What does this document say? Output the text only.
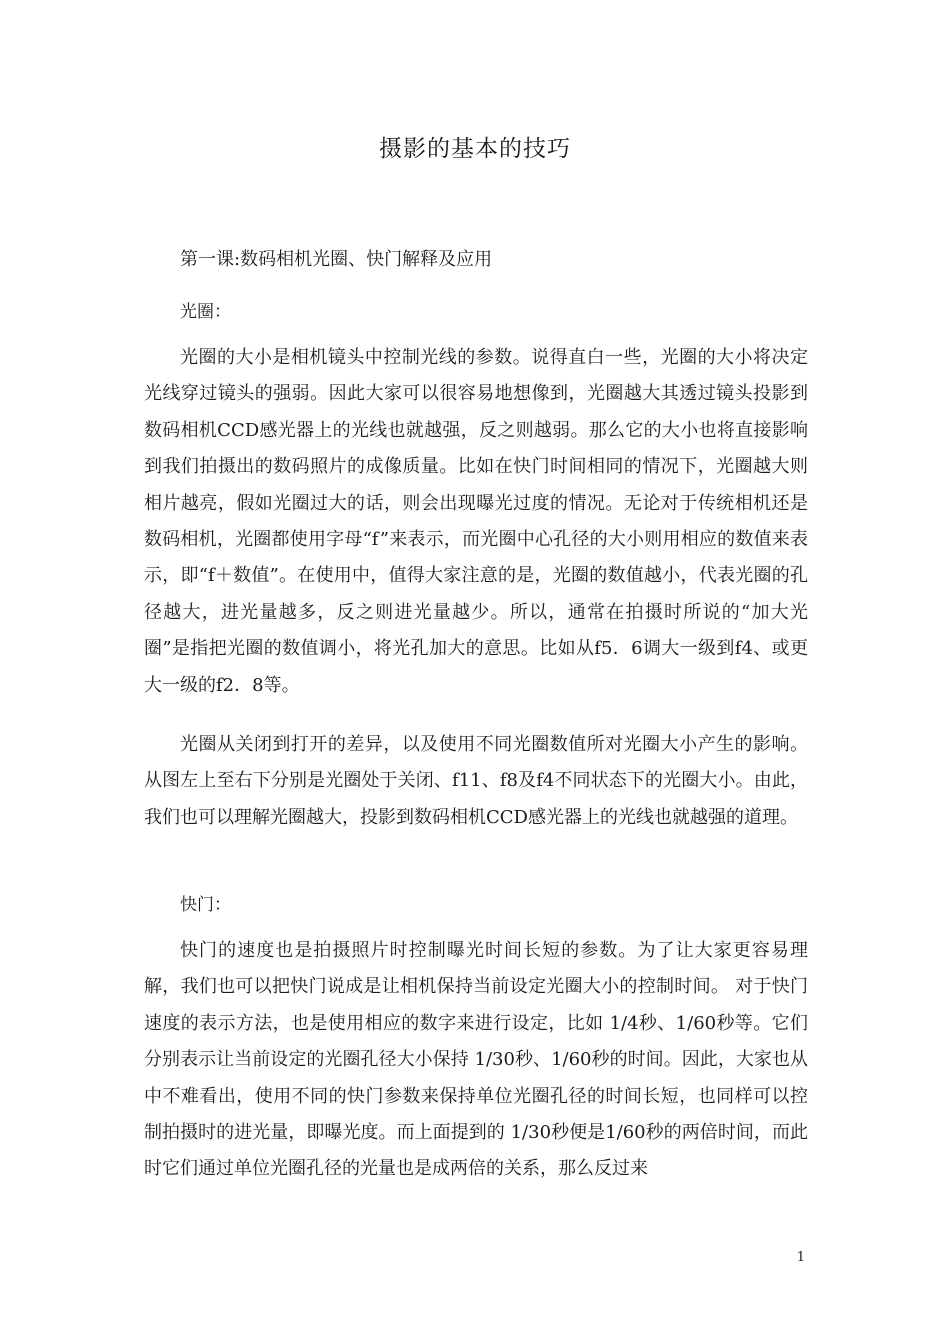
摄影的基本的技巧
第一课:数码相机光圈、快门解释及应用
光圈：

光圈的大小是相机镜头中控制光线的参数。说得直白一些，光圈的大小将决定光线穿过镜头的强弱。因此大家可以很容易地想像到，光圈越大其透过镜头投影到数码相机CCD感光器上的光线也就越强，反之则越弱。那么它的大小也将直接影响到我们拍摄出的数码照片的成像质量。比如在快门时间相同的情况下，光圈越大则相片越亮，假如光圈过大的话，则会出现曝光过度的情况。无论对于传统相机还是数码相机，光圈都使用字母“f”来表示，而光圈中心孔径的大小则用相应的数值来表示，即“f＋数值”。在使用中，值得大家注意的是，光圈的数值越小，代表光圈的孔径越大，进光量越多，反之则进光量越少。所以，通常在拍摄时所说的“加大光圈”是指把光圈的数值调小，将光孔加大的意思。比如从f5．6调大一级到f4、或更大一级的f2．8等。

光圈从关闭到打开的差异，以及使用不同光圈数值所对光圈大小产生的影响。从图左上至右下分别是光圈处于关闭、f11、f8及f4不同状态下的光圈大小。由此，我们也可以理解光圈越大，投影到数码相机CCD感光器上的光线也就越强的道理。

快门：

快门的速度也是拍摄照片时控制曝光时间长短的参数。为了让大家更容易理解，我们也可以把快门说成是让相机保持当前设定光圈大小的控制时间。 对于快门速度的表示方法，也是使用相应的数字来进行设定，比如 1/4秒、1/60秒等。它们分别表示让当前设定的光圈孔径大小保持 1/30秒、1/60秒的时间。因此，大家也从中不难看出，使用不同的快门参数来保持单位光圈孔径的时间长短，也同样可以控制拍摄时的进光量，即曝光度。而上面提到的 1/30秒便是1/60秒的两倍时间，而此时它们通过单位光圈孔径的光量也是成两倍的关系，那么反过来

1
